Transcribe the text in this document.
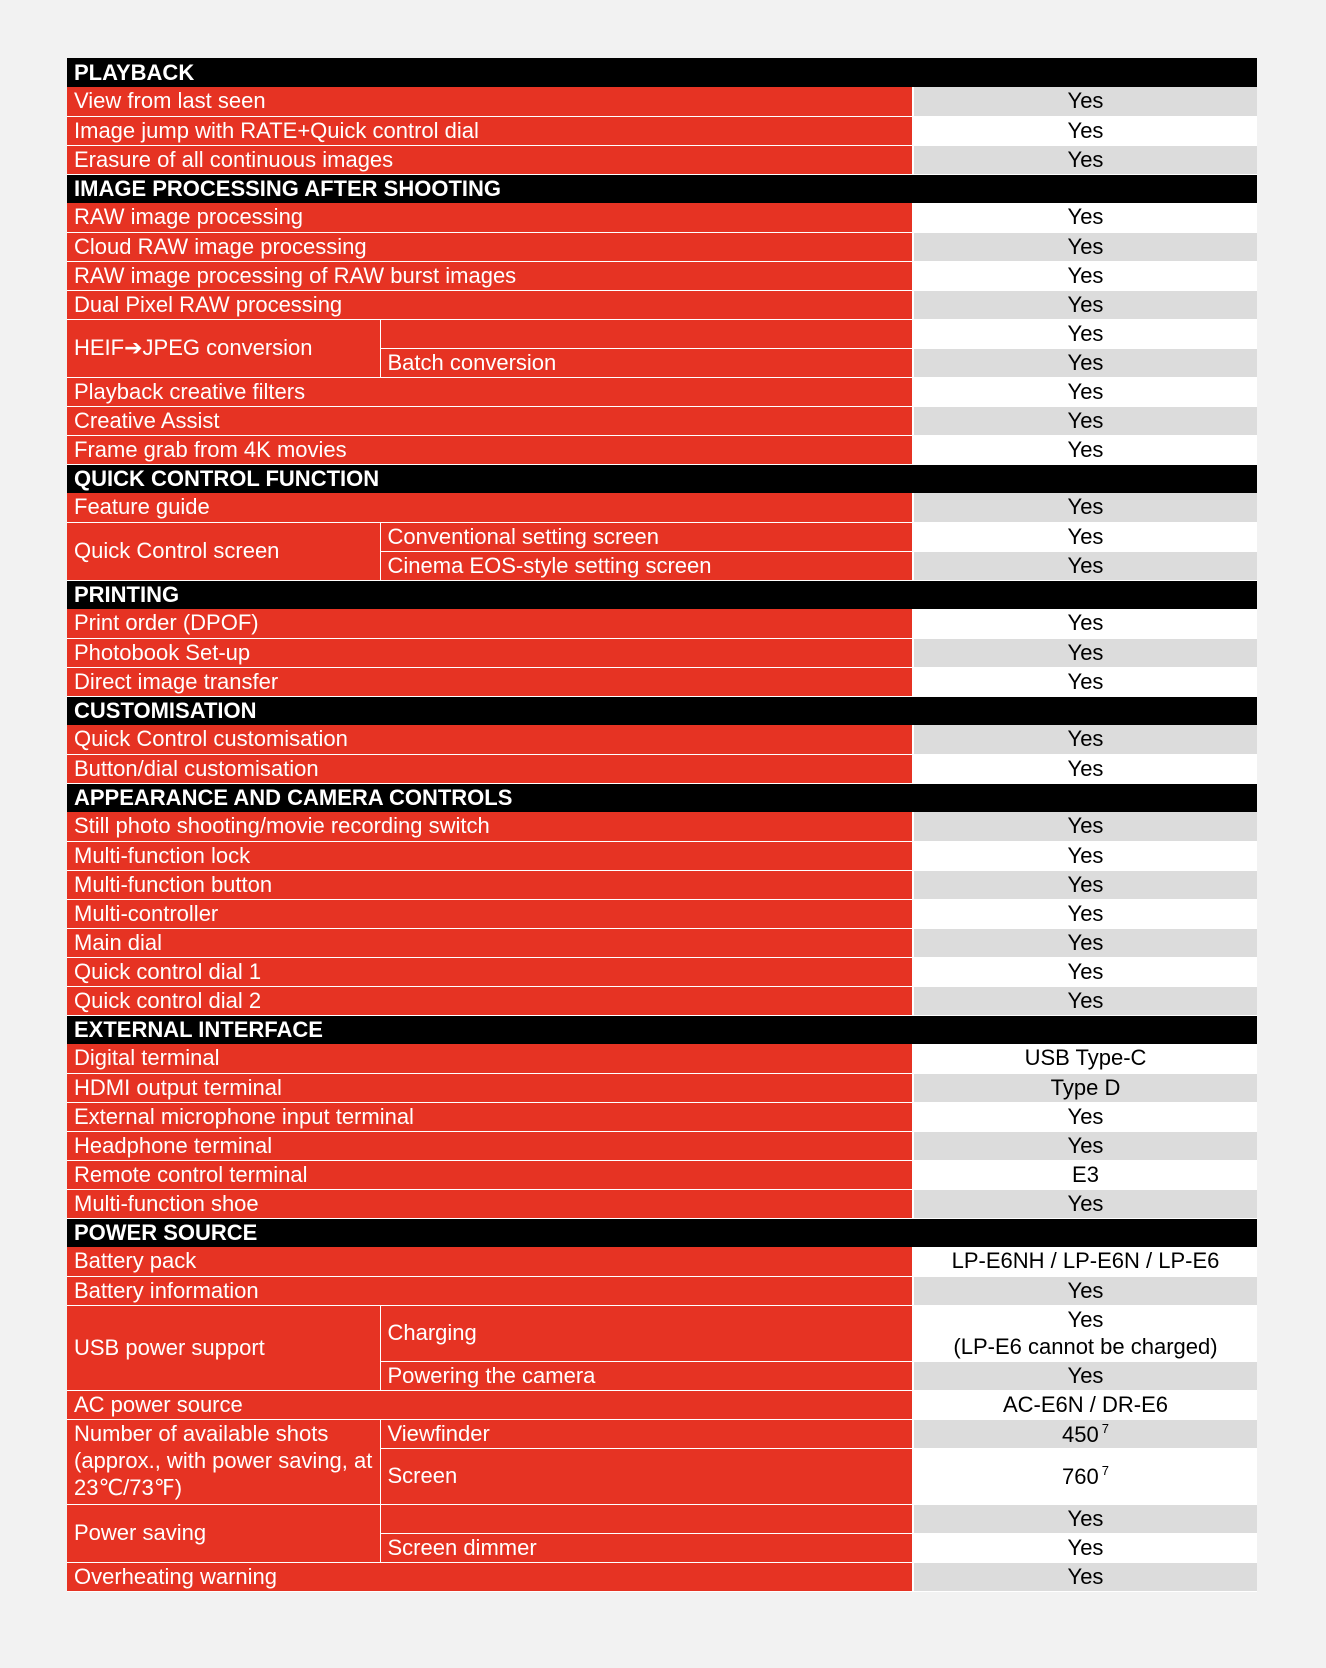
PLAYBACK		
View from last seen		Yes
Image jump with RATE+Quick control dial		Yes
Erasure of all continuous images		Yes
IMAGE PROCESSING AFTER SHOOTING		
RAW image processing		Yes
Cloud RAW image processing		Yes
RAW image processing of RAW burst images		Yes
Dual Pixel RAW processing		Yes
HEIF➔JPEG conversion		Yes
	Batch conversion	Yes
Playback creative filters		Yes
Creative Assist		Yes
Frame grab from 4K movies		Yes
QUICK CONTROL FUNCTION		
Feature guide		Yes
Quick Control screen	Conventional setting screen	Yes
	Cinema EOS-style setting screen	Yes
PRINTING		
Print order (DPOF)		Yes
Photobook Set-up		Yes
Direct image transfer		Yes
CUSTOMISATION		
Quick Control customisation		Yes
Button/dial customisation		Yes
APPEARANCE AND CAMERA CONTROLS		
Still photo shooting/movie recording switch		Yes
Multi-function lock		Yes
Multi-function button		Yes
Multi-controller		Yes
Main dial		Yes
Quick control dial 1		Yes
Quick control dial 2		Yes
EXTERNAL INTERFACE		
Digital terminal		USB Type-C
HDMI output terminal		Type D
External microphone input terminal		Yes
Headphone terminal		Yes
Remote control terminal		E3
Multi-function shoe		Yes
POWER SOURCE		
Battery pack		LP-E6NH / LP-E6N / LP-E6
Battery information		Yes
USB power support	Charging	Yes
(LP-E6 cannot be charged)

	Powering the camera	Yes
AC power source		AC-E6N / DR-E6
Number of available shots (approx., with power saving, at 23℃/73℉)	Viewfinder	450 $^7$
	Screen	760 $^7$
Power saving		Yes
	Screen dimmer	Yes
Overheating warning		Yes
